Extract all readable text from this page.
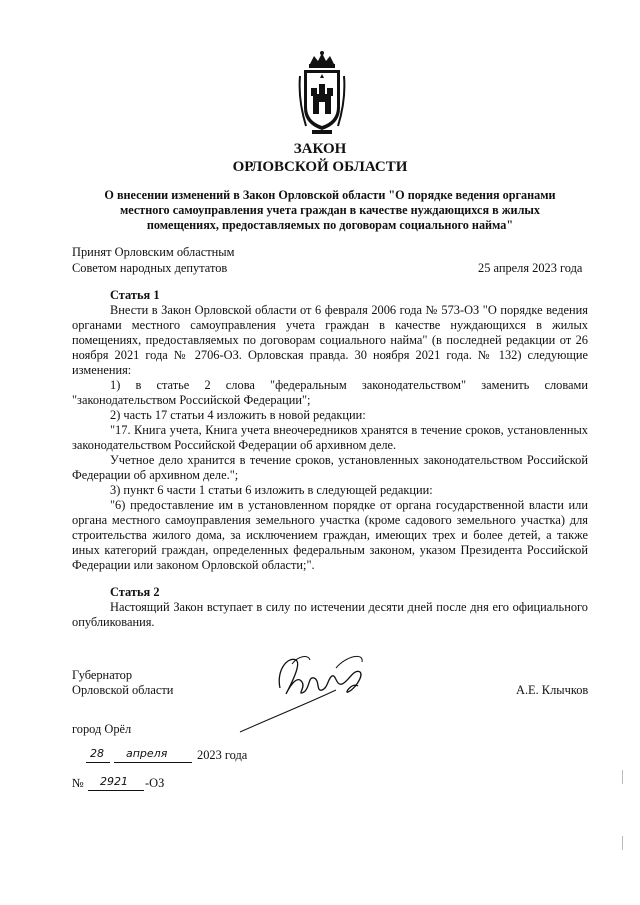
ЗАКОН
ОРЛОВСКОЙ ОБЛАСТИ
О внесении изменений в Закон Орловской области "О порядке ведения органами
местного самоуправления учета граждан в качестве нуждающихся в жилых
помещениях, предоставляемых по договорам социального найма"
Принят Орловским областным
Советом народных депутатов	25 апреля 2023 года
Статья 1
Внести в Закон Орловской области от 6 февраля 2006 года № 573-ОЗ "О порядке ведения органами местного самоуправления учета граждан в качестве нуждающихся в жилых помещениях, предоставляемых по договорам социального найма" (в последней редакции от 26 ноября 2021 года № 2706-ОЗ. Орловская правда. 30 ноября 2021 года. № 132) следующие изменения:
1) в статье 2 слова "федеральным законодательством" заменить словами "законодательством Российской Федерации";
2) часть 17 статьи 4 изложить в новой редакции:
"17. Книга учета, Книга учета внеочередников хранятся в течение сроков, установленных законодательством Российской Федерации об архивном деле.
Учетное дело хранится в течение сроков, установленных законодательством Российской Федерации об архивном деле.";
3) пункт 6 части 1 статьи 6 изложить в следующей редакции:
"6) предоставление им в установленном порядке от органа государственной власти или органа местного самоуправления земельного участка (кроме садового земельного участка) для строительства жилого дома, за исключением граждан, имеющих трех и более детей, а также иных категорий граждан, определенных федеральным законом, указом Президента Российской Федерации или законом Орловской области;".
Статья 2
Настоящий Закон вступает в силу по истечении десяти дней после дня его официального опубликования.
Губернатор
Орловской области	А.Е. Клычков
город Орёл
28 апреля 2023 года
№ 2921 -ОЗ
